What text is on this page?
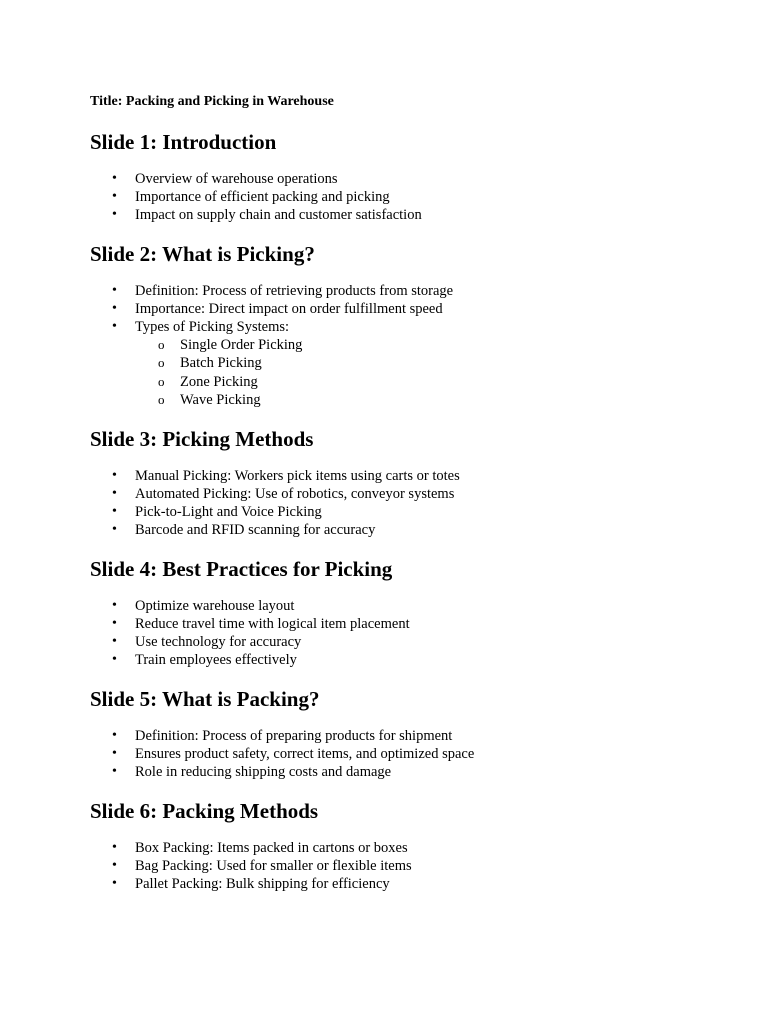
Title: Packing and Picking in Warehouse
Slide 1: Introduction
• Overview of warehouse operations
• Importance of efficient packing and picking
• Impact on supply chain and customer satisfaction
Slide 2: What is Picking?
• Definition: Process of retrieving products from storage
• Importance: Direct impact on order fulfillment speed
• Types of Picking Systems:
o Single Order Picking
o Batch Picking
o Zone Picking
o Wave Picking
Slide 3: Picking Methods
• Manual Picking: Workers pick items using carts or totes
• Automated Picking: Use of robotics, conveyor systems
• Pick-to-Light and Voice Picking
• Barcode and RFID scanning for accuracy
Slide 4: Best Practices for Picking
• Optimize warehouse layout
• Reduce travel time with logical item placement
• Use technology for accuracy
• Train employees effectively
Slide 5: What is Packing?
• Definition: Process of preparing products for shipment
• Ensures product safety, correct items, and optimized space
• Role in reducing shipping costs and damage
Slide 6: Packing Methods
• Box Packing: Items packed in cartons or boxes
• Bag Packing: Used for smaller or flexible items
• Pallet Packing: Bulk shipping for efficiency
